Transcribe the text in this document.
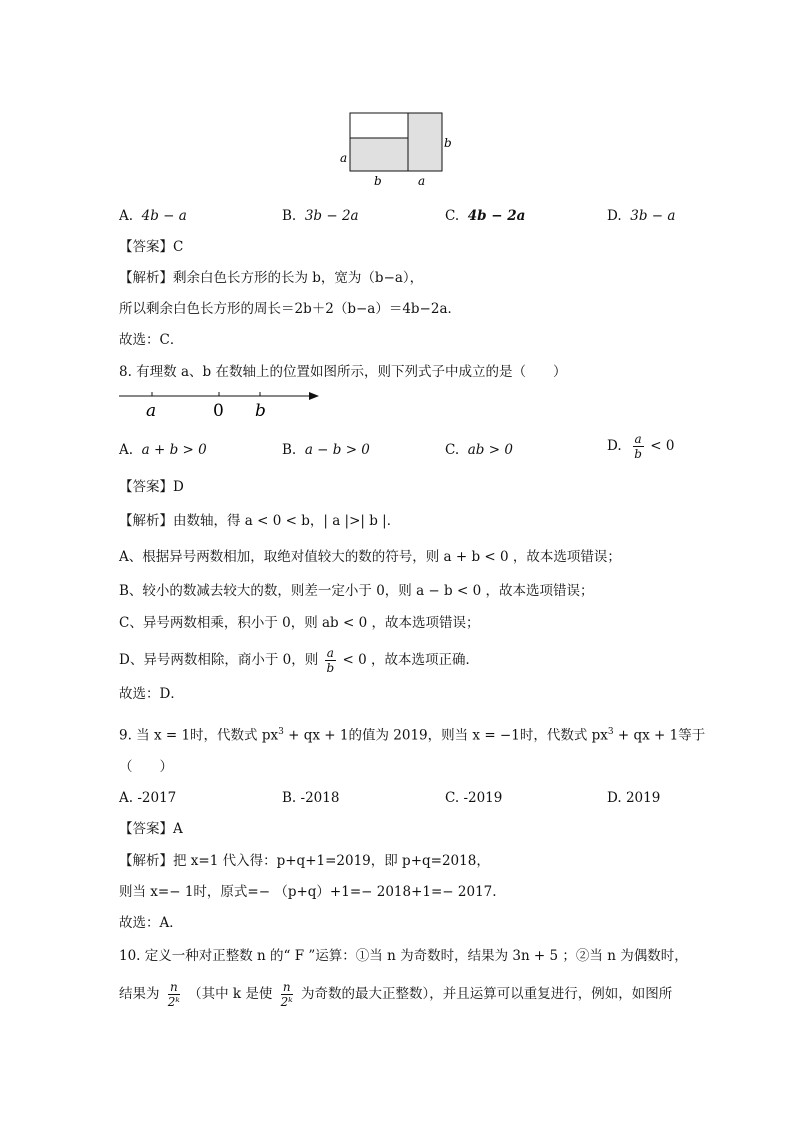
a
b
b	a
A. 4b − a	B. 3b − 2a	C. 4b − 2a	D. 3b − a
【答案】C
【解析】剩余白色长方形的长为 b，宽为（b−a），
所以剩余白色长方形的周长＝2b＋2（b−a）＝4b−2a．
故选：C．
8. 有理数 a、b 在数轴上的位置如图所示，则下列式子中成立的是（　　）
a	0 b
A. a + b > 0	B. a − b > 0	C. ab > 0	D. $\frac{a}{b} < 0$
【答案】D
【解析】由数轴，得 a < 0 < b，| a |>| b |．
A、根据异号两数相加，取绝对值较大的数的符号，则 a + b < 0 ，故本选项错误；
B、较小的数减去较大的数，则差一定小于 0，则 a − b < 0 ，故本选项错误；
C、异号两数相乘，积小于 0，则 ab < 0 ，故本选项错误；
D、异号两数相除，商小于 0，则 $\frac{a}{b} < 0$ ，故本选项正确．
故选：D．
9. 当 x = 1时，代数式 $px^3$ + qx + 1的值为 2019，则当 x = −1时，代数式 $px^3$ + qx + 1等于
（　　）
A. -2017	B. -2018	C. -2019	D. 2019
【答案】A
【解析】把 x=1 代入得：p+q+1=2019，即 p+q=2018，
则当 x=− 1时，原式=− （p+q）+1=− 2018+1=− 2017.
故选：A．
10. 定义一种对正整数 n 的“ F ”运算：①当 n 为奇数时，结果为 3n + 5 ；②当 n 为偶数时，
结果为 $\frac{n}{\text{2ᵏ}}$ （其中 k 是使 $\frac{n}{\text{2ᵏ}}$ 为奇数的最大正整数），并且运算可以重复进行，例如，如图所
